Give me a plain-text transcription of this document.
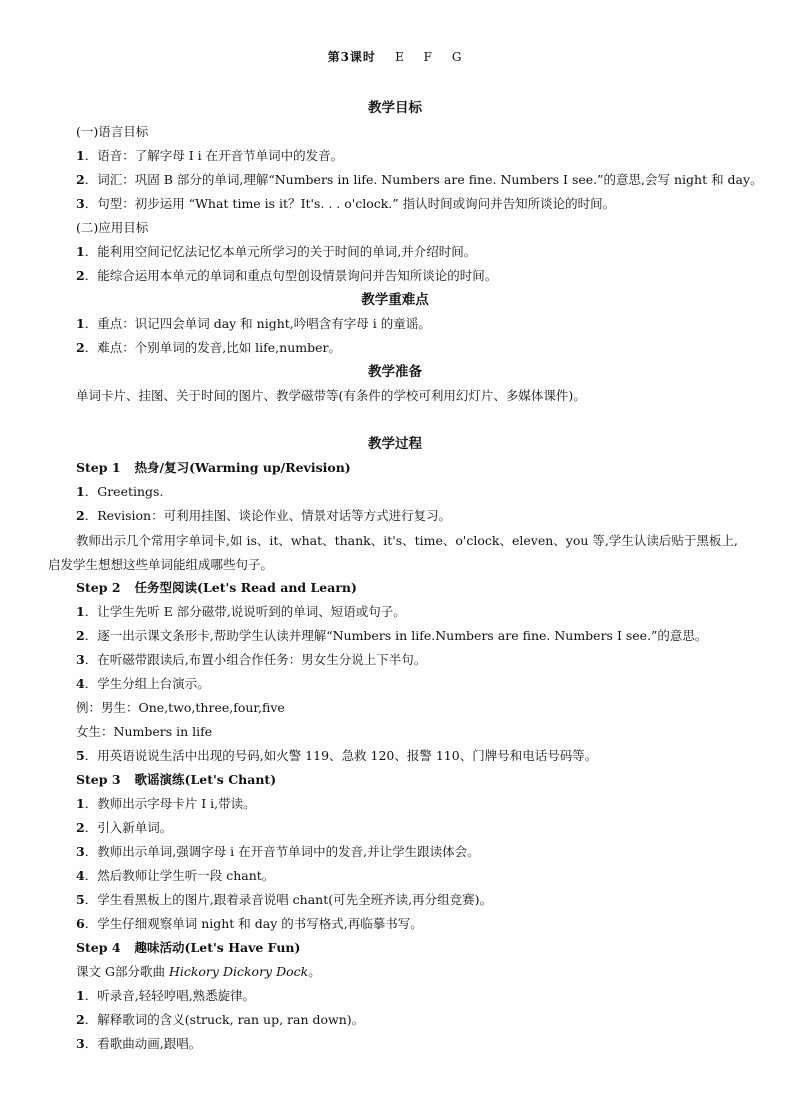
第3课时 E F G
教学目标
(一)语言目标
1．语音：了解字母 I i 在开音节单词中的发音。
2．词汇：巩固 B 部分的单词,理解“Numbers in life. Numbers are fine. Numbers I see.”的意思,会写 night 和 day。
3．句型：初步运用 “What time is it？It's. . . o'clock.” 指认时间或询问并告知所谈论的时间。
(二)应用目标
1．能利用空间记忆法记忆本单元所学习的关于时间的单词,并介绍时间。
2．能综合运用本单元的单词和重点句型创设情景询问并告知所谈论的时间。
教学重难点
1．重点：识记四会单词 day 和 night,吟唱含有字母 i 的童谣。
2．难点：个别单词的发音,比如 life,number。
教学准备
单词卡片、挂图、关于时间的图片、教学磁带等(有条件的学校可利用幻灯片、多媒体课件)。
教学过程
Step 1 热身/复习(Warming up/Revision)
1．Greetings.
2．Revision：可利用挂图、谈论作业、情景对话等方式进行复习。
教师出示几个常用字单词卡,如 is、it、what、thank、it's、time、o'clock、eleven、you 等,学生认读后贴于黑板上,启发学生想想这些单词能组成哪些句子。
Step 2 任务型阅读(Let's Read and Learn)
1．让学生先听 E 部分磁带,说说听到的单词、短语或句子。
2．逐一出示课文条形卡,帮助学生认读并理解“Numbers in life.Numbers are fine. Numbers I see.”的意思。
3．在听磁带跟读后,布置小组合作任务：男女生分说上下半句。
4．学生分组上台演示。
例：男生：One,two,three,four,five
女生：Numbers in life
5．用英语说说生活中出现的号码,如火警 119、急救 120、报警 110、门牌号和电话号码等。
Step 3 歌谣演练(Let's Chant)
1．教师出示字母卡片 I i,带读。
2．引入新单词。
3．教师出示单词,强调字母 i 在开音节单词中的发音,并让学生跟读体会。
4．然后教师让学生听一段 chant。
5．学生看黑板上的图片,跟着录音说唱 chant(可先全班齐读,再分组竞赛)。
6．学生仔细观察单词 night 和 day 的书写格式,再临摹书写。
Step 4 趣味活动(Let's Have Fun)
课文 G部分歌曲 Hickory Dickory Dock。
1．听录音,轻轻哼唱,熟悉旋律。
2．解释歌词的含义(struck, ran up, ran down)。
3．看歌曲动画,跟唱。
